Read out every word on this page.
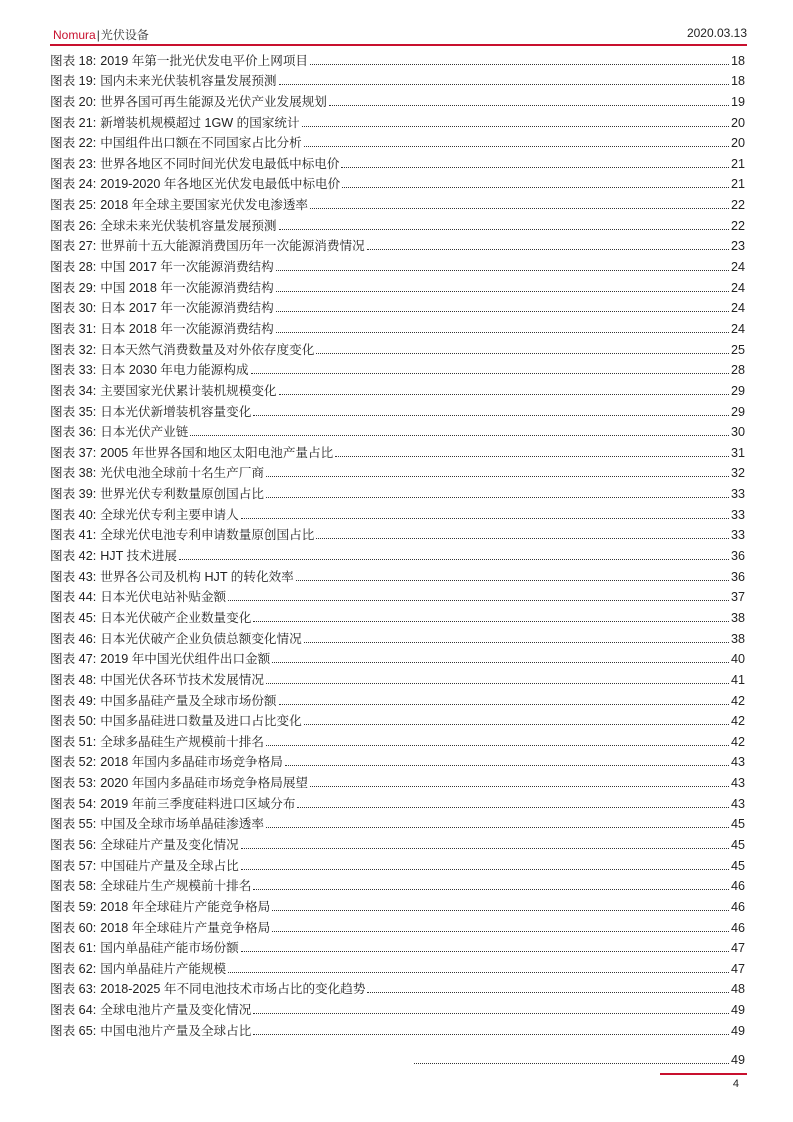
Nomura|光伏设备	2020.03.13
图表 18: 2019 年第一批光伏发电平价上网项目	18
图表 19: 国内未来光伏装机容量发展预测	18
图表 20: 世界各国可再生能源及光伏产业发展规划	19
图表 21: 新增装机规模超过 1GW 的国家统计	20
图表 22: 中国组件出口额在不同国家占比分析	20
图表 23: 世界各地区不同时间光伏发电最低中标电价	21
图表 24: 2019-2020 年各地区光伏发电最低中标电价	21
图表 25: 2018 年全球主要国家光伏发电渗透率	22
图表 26: 全球未来光伏装机容量发展预测	22
图表 27: 世界前十五大能源消费国历年一次能源消费情况	23
图表 28: 中国 2017 年一次能源消费结构	24
图表 29: 中国 2018 年一次能源消费结构	24
图表 30: 日本 2017 年一次能源消费结构	24
图表 31: 日本 2018 年一次能源消费结构	24
图表 32: 日本天然气消费数量及对外依存度变化	25
图表 33: 日本 2030 年电力能源构成	28
图表 34: 主要国家光伏累计装机规模变化	29
图表 35: 日本光伏新增装机容量变化	29
图表 36: 日本光伏产业链	30
图表 37: 2005 年世界各国和地区太阳电池产量占比	31
图表 38: 光伏电池全球前十名生产厂商	32
图表 39: 世界光伏专利数量原创国占比	33
图表 40: 全球光伏专利主要申请人	33
图表 41: 全球光伏电池专利申请数量原创国占比	33
图表 42: HJT 技术进展	36
图表 43: 世界各公司及机构 HJT 的转化效率	36
图表 44: 日本光伏电站补贴金额	37
图表 45: 日本光伏破产企业数量变化	38
图表 46: 日本光伏破产企业负债总额变化情况	38
图表 47: 2019 年中国光伏组件出口金额	40
图表 48: 中国光伏各环节技术发展情况	41
图表 49: 中国多晶硅产量及全球市场份额	42
图表 50: 中国多晶硅进口数量及进口占比变化	42
图表 51: 全球多晶硅生产规模前十排名	42
图表 52: 2018 年国内多晶硅市场竞争格局	43
图表 53: 2020 年国内多晶硅市场竞争格局展望	43
图表 54: 2019 年前三季度硅料进口区域分布	43
图表 55: 中国及全球市场单晶硅渗透率	45
图表 56: 全球硅片产量及变化情况	45
图表 57: 中国硅片产量及全球占比	45
图表 58: 全球硅片生产规模前十排名	46
图表 59: 2018 年全球硅片产能竞争格局	46
图表 60: 2018 年全球硅片产量竞争格局	46
图表 61: 国内单晶硅产能市场份额	47
图表 62: 国内单晶硅片产能规模	47
图表 63: 2018-2025 年不同电池技术市场占比的变化趋势	48
图表 64: 全球电池片产量及变化情况	49
图表 65: 中国电池片产量及全球占比	49
49
4
